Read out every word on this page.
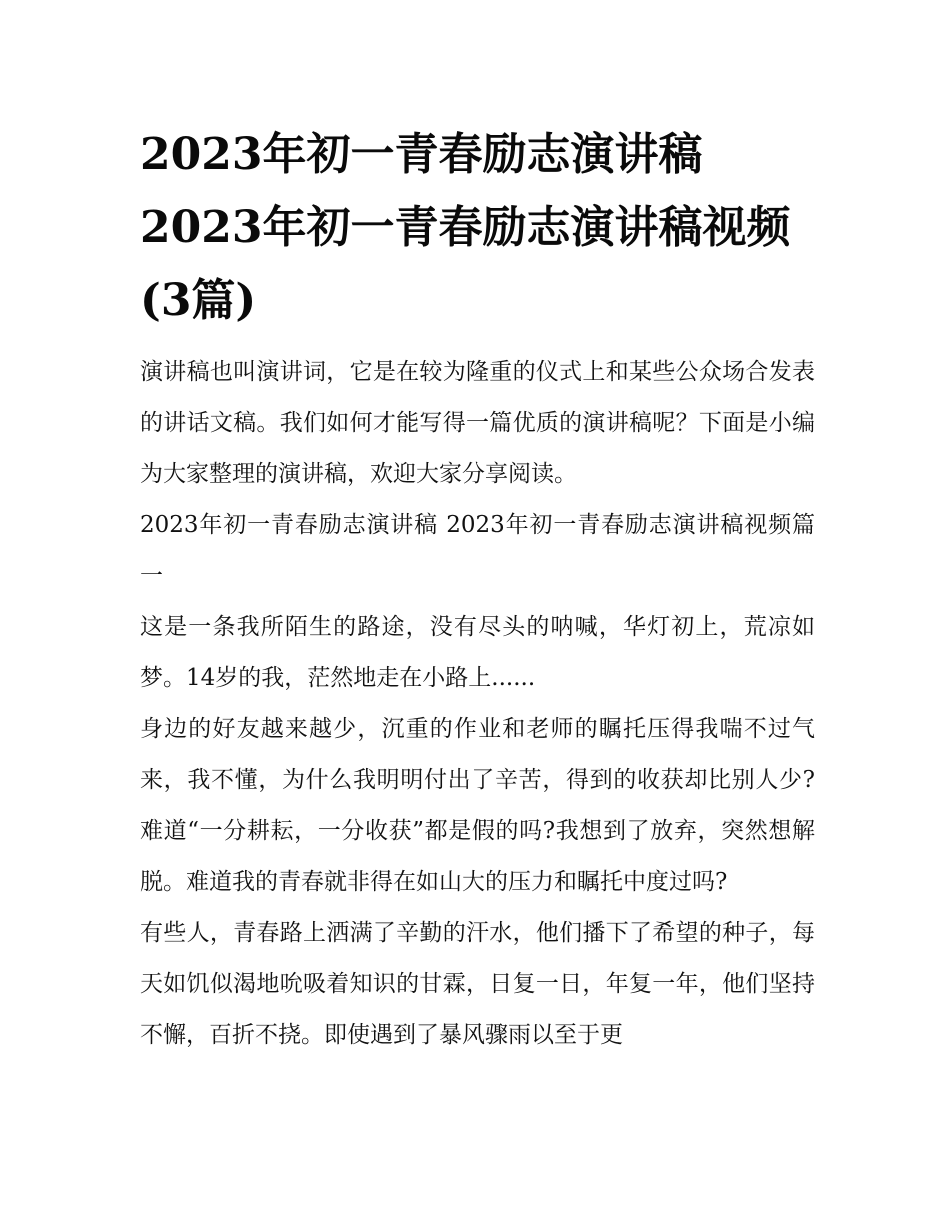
2023年初一青春励志演讲稿 2023年初一青春励志演讲稿视频(3篇)

演讲稿也叫演讲词，它是在较为隆重的仪式上和某些公众场合发表的讲话文稿。我们如何才能写得一篇优质的演讲稿呢？下面是小编为大家整理的演讲稿，欢迎大家分享阅读。

2023年初一青春励志演讲稿 2023年初一青春励志演讲稿视频篇一

这是一条我所陌生的路途，没有尽头的呐喊，华灯初上，荒凉如梦。14岁的我，茫然地走在小路上......

身边的好友越来越少，沉重的作业和老师的瞩托压得我喘不过气来，我不懂，为什么我明明付出了辛苦，得到的收获却比别人少?难道“一分耕耘，一分收获”都是假的吗?我想到了放弃，突然想解脱。难道我的青春就非得在如山大的压力和瞩托中度过吗?

有些人，青春路上洒满了辛勤的汗水，他们播下了希望的种子，每天如饥似渴地吮吸着知识的甘霖，日复一日，年复一年，他们坚持不懈，百折不挠。即使遇到了暴风骤雨以至于更
